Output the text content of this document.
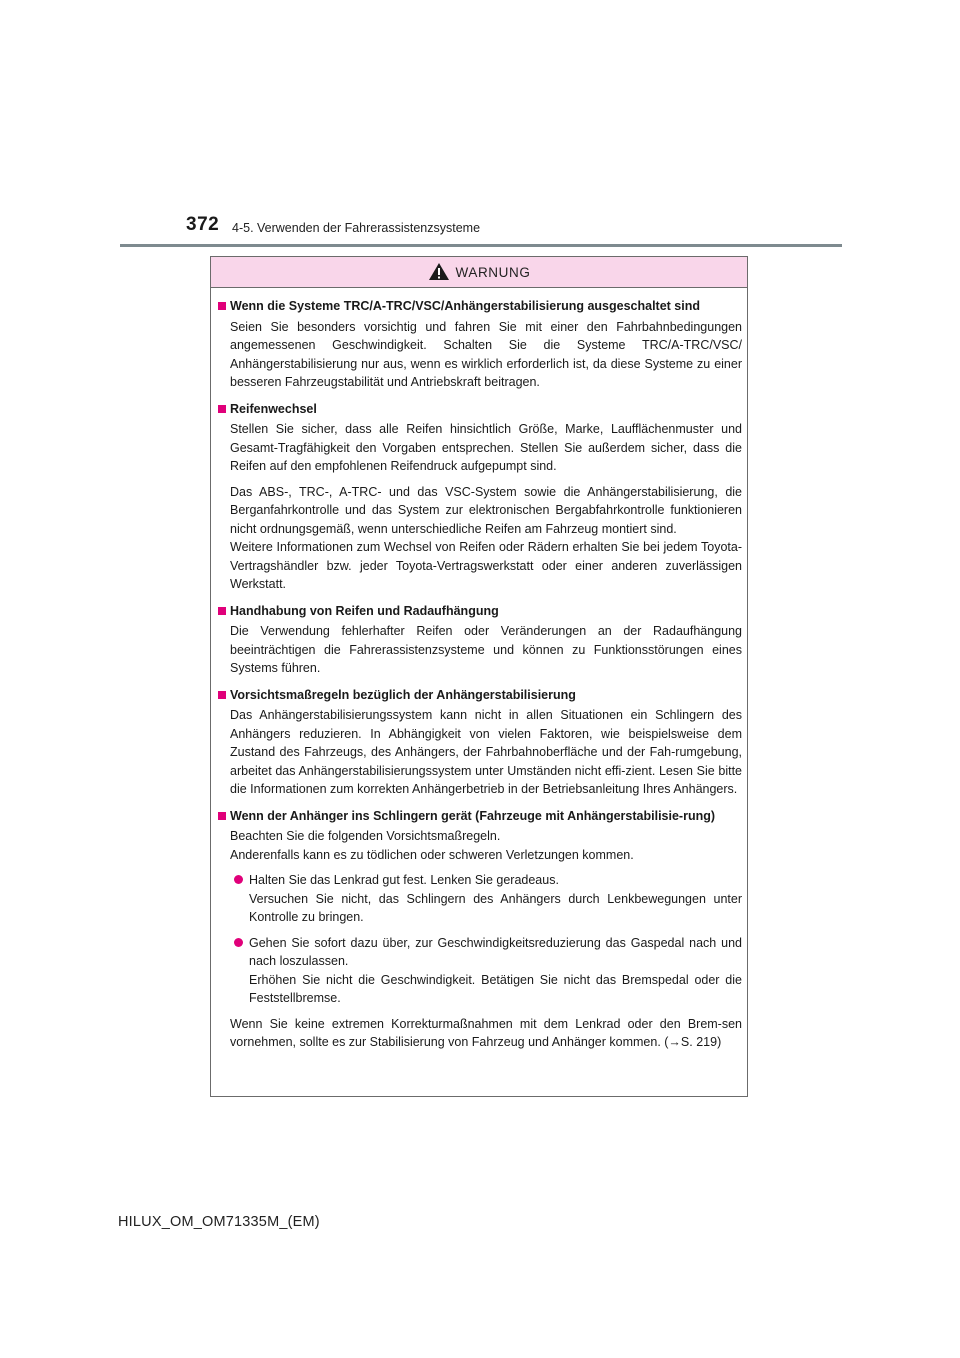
372 4-5. Verwenden der Fahrerassistenzsysteme
WARNUNG
Wenn die Systeme TRC/A-TRC/VSC/Anhängerstabilisierung ausgeschaltet sind

Seien Sie besonders vorsichtig und fahren Sie mit einer den Fahrbahnbedingungen angemessenen Geschwindigkeit. Schalten Sie die Systeme TRC/A-TRC/VSC/ Anhängerstabilisierung nur aus, wenn es wirklich erforderlich ist, da diese Systeme zu einer besseren Fahrzeugstabilität und Antriebskraft beitragen.

Reifenwechsel

Stellen Sie sicher, dass alle Reifen hinsichtlich Größe, Marke, Laufflächenmuster und Gesamt-Tragfähigkeit den Vorgaben entsprechen. Stellen Sie außerdem sicher, dass die Reifen auf den empfohlenen Reifendruck aufgepumpt sind.

Das ABS-, TRC-, A-TRC- und das VSC-System sowie die Anhängerstabilisierung, die Berganfahrkontrolle und das System zur elektronischen Bergabfahrkontrolle funktionieren nicht ordnungsgemäß, wenn unterschiedliche Reifen am Fahrzeug montiert sind.
Weitere Informationen zum Wechsel von Reifen oder Rädern erhalten Sie bei jedem Toyota-Vertragshändler bzw. jeder Toyota-Vertragswerkstatt oder einer anderen zuverlässigen Werkstatt.

Handhabung von Reifen und Radaufhängung

Die Verwendung fehlerhafter Reifen oder Veränderungen an der Radaufhängung beeinträchtigen die Fahrerassistenzsysteme und können zu Funktionsstörungen eines Systems führen.

Vorsichtsmaßregeln bezüglich der Anhängerstabilisierung

Das Anhängerstabilisierungssystem kann nicht in allen Situationen ein Schlingern des Anhängers reduzieren. In Abhängigkeit von vielen Faktoren, wie beispielsweise dem Zustand des Fahrzeugs, des Anhängers, der Fahrbahnoberfläche und der Fah-rumgebung, arbeitet das Anhängerstabilisierungssystem unter Umständen nicht effi-zient. Lesen Sie bitte die Informationen zum korrekten Anhängerbetrieb in der Betriebsanleitung Ihres Anhängers.

Wenn der Anhänger ins Schlingern gerät (Fahrzeuge mit Anhängerstabilisie-rung)

Beachten Sie die folgenden Vorsichtsmaßregeln.
Anderenfalls kann es zu tödlichen oder schweren Verletzungen kommen.

Halten Sie das Lenkrad gut fest. Lenken Sie geradeaus.
Versuchen Sie nicht, das Schlingern des Anhängers durch Lenkbewegungen unter Kontrolle zu bringen.
Gehen Sie sofort dazu über, zur Geschwindigkeitsreduzierung das Gaspedal nach und nach loszulassen.
Erhöhen Sie nicht die Geschwindigkeit. Betätigen Sie nicht das Bremspedal oder die Feststellbremse.

Wenn Sie keine extremen Korrekturmaßnahmen mit dem Lenkrad oder den Brem-sen vornehmen, sollte es zur Stabilisierung von Fahrzeug und Anhänger kommen. (→S. 219)

HILUX_OM_OM71335M_(EM)
